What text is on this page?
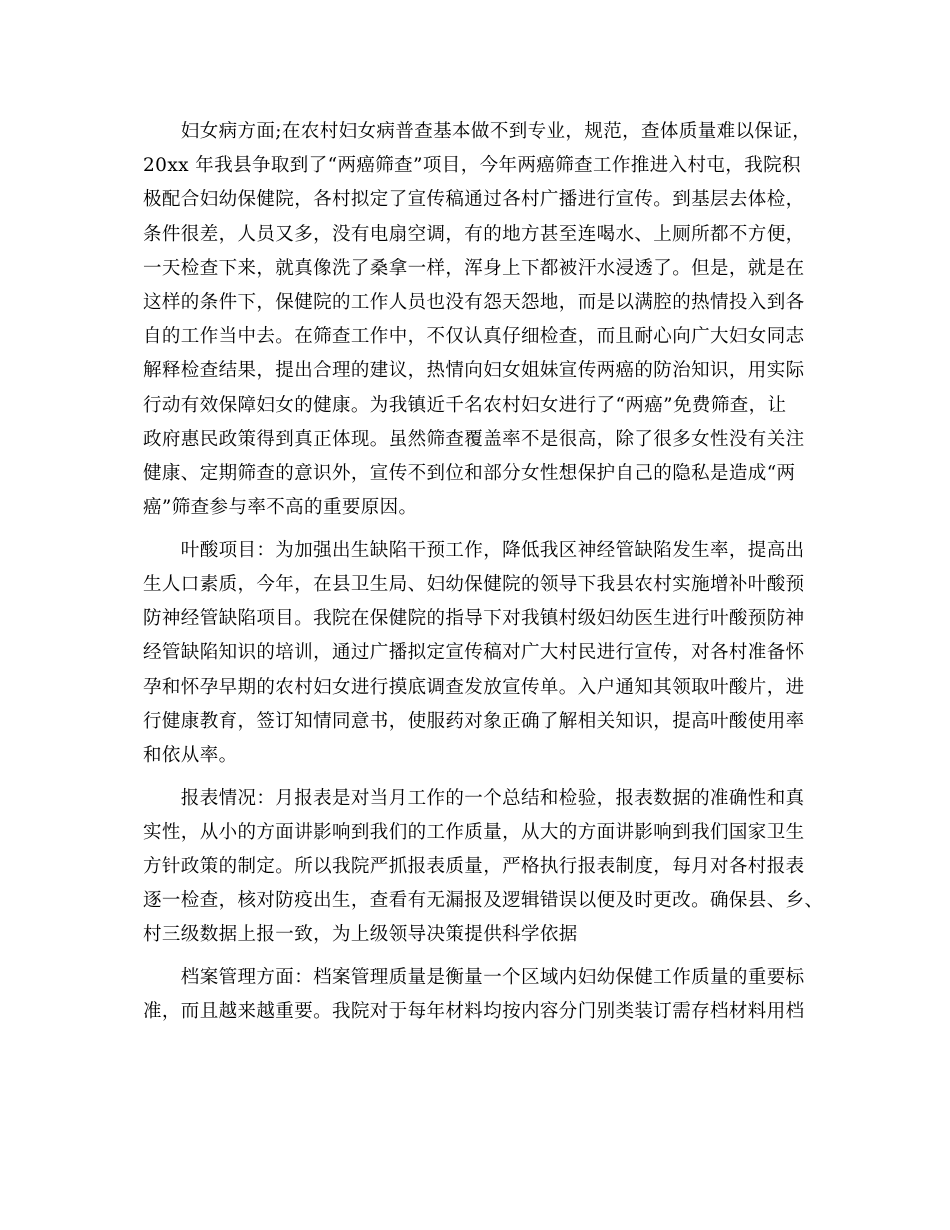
　　妇女病方面;在农村妇女病普查基本做不到专业，规范，查体质量难以保证，
20xx 年我县争取到了“两癌筛查”项目，今年两癌筛查工作推进入村屯，我院积
极配合妇幼保健院，各村拟定了宣传稿通过各村广播进行宣传。到基层去体检，
条件很差，人员又多，没有电扇空调，有的地方甚至连喝水、上厕所都不方便，
一天检查下来，就真像洗了桑拿一样，浑身上下都被汗水浸透了。但是，就是在
这样的条件下，保健院的工作人员也没有怨天怨地，而是以满腔的热情投入到各
自的工作当中去。在筛查工作中，不仅认真仔细检查，而且耐心向广大妇女同志
解释检查结果，提出合理的建议，热情向妇女姐妹宣传两癌的防治知识，用实际
行动有效保障妇女的健康。为我镇近千名农村妇女进行了“两癌”免费筛查，让
政府惠民政策得到真正体现。虽然筛查覆盖率不是很高，除了很多女性没有关注
健康、定期筛查的意识外，宣传不到位和部分女性想保护自己的隐私是造成“两
癌”筛查参与率不高的重要原因。
　　叶酸项目：为加强出生缺陷干预工作，降低我区神经管缺陷发生率，提高出
生人口素质，今年，在县卫生局、妇幼保健院的领导下我县农村实施增补叶酸预
防神经管缺陷项目。我院在保健院的指导下对我镇村级妇幼医生进行叶酸预防神
经管缺陷知识的培训，通过广播拟定宣传稿对广大村民进行宣传，对各村准备怀
孕和怀孕早期的农村妇女进行摸底调查发放宣传单。入户通知其领取叶酸片，进
行健康教育，签订知情同意书，使服药对象正确了解相关知识，提高叶酸使用率
和依从率。
　　报表情况：月报表是对当月工作的一个总结和检验，报表数据的准确性和真
实性，从小的方面讲影响到我们的工作质量，从大的方面讲影响到我们国家卫生
方针政策的制定。所以我院严抓报表质量，严格执行报表制度，每月对各村报表
逐一检查，核对防疫出生，查看有无漏报及逻辑错误以便及时更改。确保县、乡、
村三级数据上报一致，为上级领导决策提供科学依据
　　档案管理方面：档案管理质量是衡量一个区域内妇幼保健工作质量的重要标
准，而且越来越重要。我院对于每年材料均按内容分门别类装订需存档材料用档
